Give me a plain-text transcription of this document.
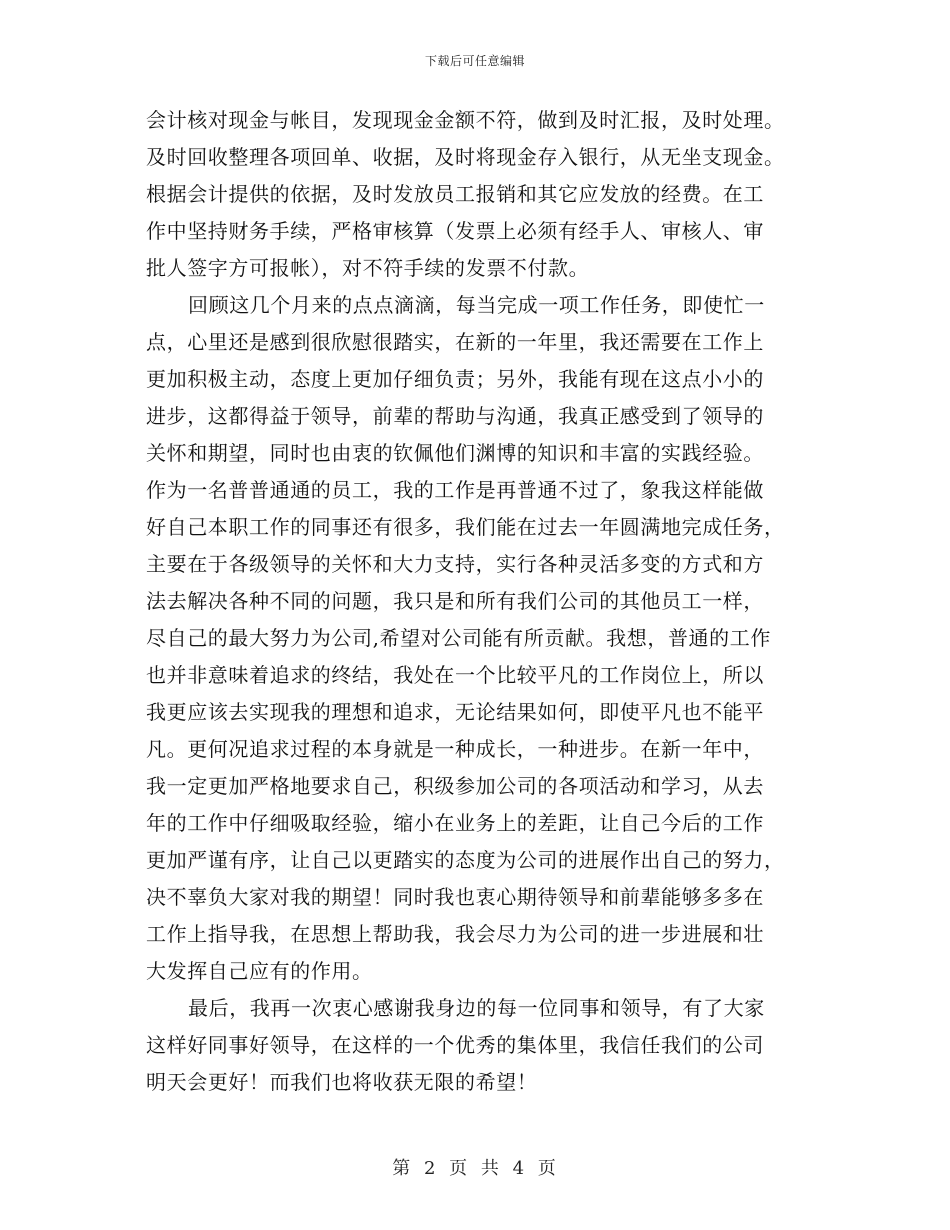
下载后可任意编辑
会计核对现金与帐目，发现现金金额不符，做到及时汇报，及时处理。
及时回收整理各项回单、收据，及时将现金存入银行，从无坐支现金。
根据会计提供的依据，及时发放员工报销和其它应发放的经费。在工
作中坚持财务手续，严格审核算（发票上必须有经手人、审核人、审
批人签字方可报帐），对不符手续的发票不付款。
回顾这几个月来的点点滴滴，每当完成一项工作任务，即使忙一
点，心里还是感到很欣慰很踏实，在新的一年里，我还需要在工作上
更加积极主动，态度上更加仔细负责；另外，我能有现在这点小小的
进步，这都得益于领导，前辈的帮助与沟通，我真正感受到了领导的
关怀和期望，同时也由衷的钦佩他们渊博的知识和丰富的实践经验。
作为一名普普通通的员工，我的工作是再普通不过了，象我这样能做
好自己本职工作的同事还有很多，我们能在过去一年圆满地完成任务，
主要在于各级领导的关怀和大力支持，实行各种灵活多变的方式和方
法去解决各种不同的问题，我只是和所有我们公司的其他员工一样，
尽自己的最大努力为公司,希望对公司能有所贡献。我想，普通的工作
也并非意味着追求的终结，我处在一个比较平凡的工作岗位上，所以
我更应该去实现我的理想和追求，无论结果如何，即使平凡也不能平
凡。更何况追求过程的本身就是一种成长，一种进步。在新一年中，
我一定更加严格地要求自己，积级参加公司的各项活动和学习，从去
年的工作中仔细吸取经验，缩小在业务上的差距，让自己今后的工作
更加严谨有序，让自己以更踏实的态度为公司的进展作出自己的努力，
决不辜负大家对我的期望！同时我也衷心期待领导和前辈能够多多在
工作上指导我，在思想上帮助我，我会尽力为公司的进一步进展和壮
大发挥自己应有的作用。
最后，我再一次衷心感谢我身边的每一位同事和领导，有了大家
这样好同事好领导，在这样的一个优秀的集体里，我信任我们的公司
明天会更好！而我们也将收获无限的希望！
第 2 页 共 4 页
